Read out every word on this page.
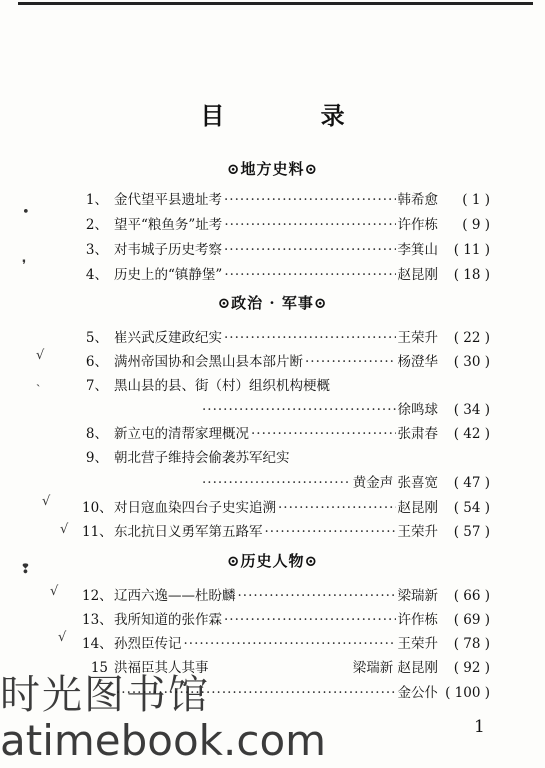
目 录
⊙地方史料⊙
1、 金代望平县遗址考 ·····	韩希愈	( 1 )
2、 望平“粮鱼务”址考 ·····	许作栋	( 9 )
3、 对韦城子历史考察 ·····	李箕山	( 11 )
4、 历史上的“镇静堡” ·····	赵昆刚	( 18 )
⊙政治 · 军事⊙
5、 崔兴武反建政纪实 ·····	王荣升	( 22 )
6、 满州帝国协和会黑山县本部片断 ·····	杨澄华	( 30 )
7、 黑山县的县、街（村）组织机构梗概
·····
徐鸣球	( 34 )
8、 新立屯的清帮家理概况 ·····	张肃春	( 42 )
9、 朝北营子维持会偷袭苏军纪实
·····
黄金声 张喜宽	( 47 )
10、 对日寇血染四台子史实追溯 ·····	赵昆刚	( 54 )
11、 东北抗日义勇军第五路军 ·····	王荣升	( 57 )
⊙历史人物⊙
12、 辽西六逸——杜盼麟 ·····	梁瑞新	( 66 )
13、 我所知道的张作霖 ·····	许作栋	( 69 )
14、 孙烈臣传记 ·····	王荣升	( 78 )
15 洪福臣其人其事	梁瑞新 赵昆刚	( 92 )
·····
金公仆 ( 100 )
•
❜
√
ˎ
√
√
❢
√
√
1
时光图书馆
atimebook.com
